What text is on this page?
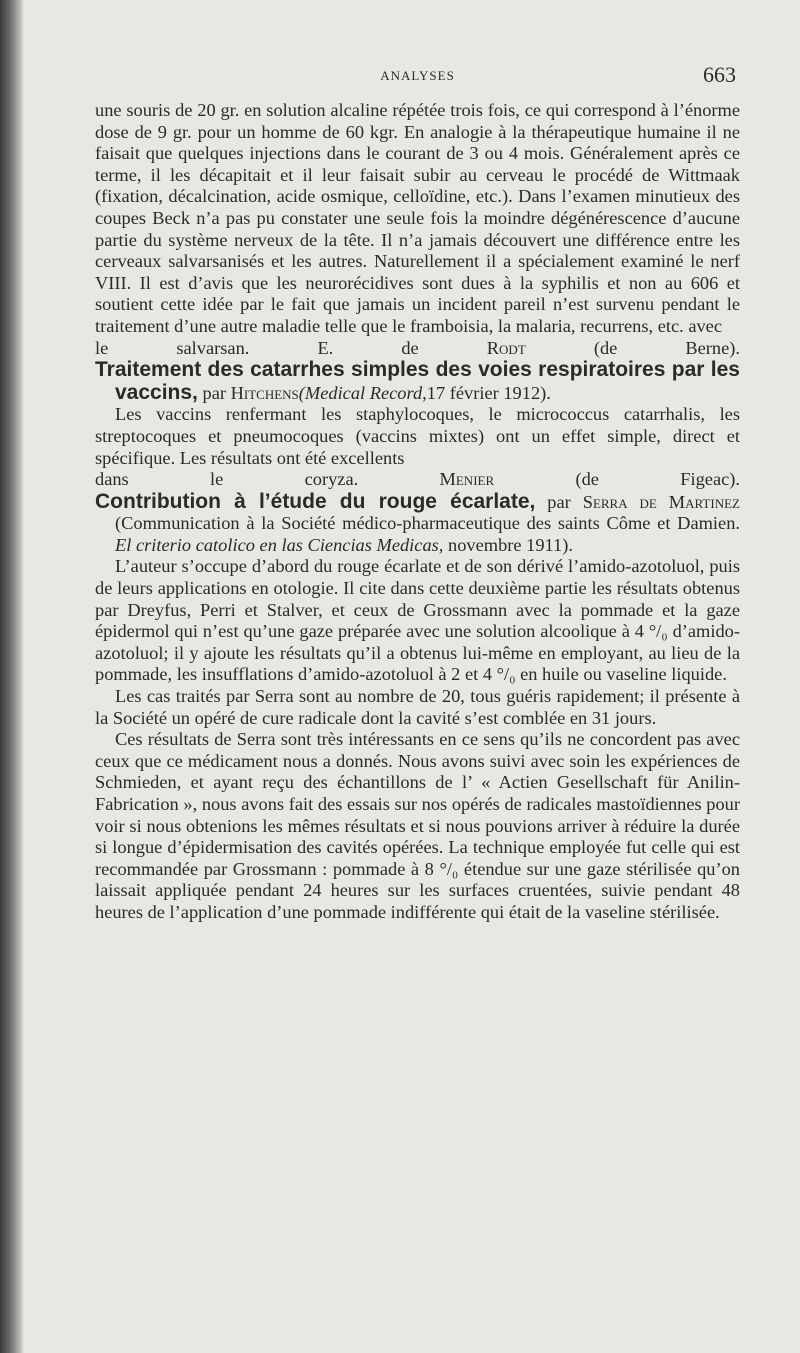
ANALYSES	663

une souris de 20 gr. en solution alcaline répétée trois fois, ce qui correspond à l’énorme dose de 9 gr. pour un homme de 60 kgr. En analogie à la thérapeutique humaine il ne faisait que quelques injections dans le courant de 3 ou 4 mois. Généralement après ce terme, il les décapitait et il leur faisait subir au cerveau le procédé de Wittmaak (fixation, décalcination, acide osmique, celloïdine, etc.). Dans l’examen minutieux des coupes Beck n’a pas pu constater une seule fois la moindre dégénérescence d’aucune partie du système nerveux de la tête. Il n’a jamais découvert une différence entre les cerveaux salvarsanisés et les autres. Naturellement il a spécialement examiné le nerf VIII. Il est d’avis que les neurorécidives sont dues à la syphilis et non au 606 et soutient cette idée par le fait que jamais un incident pareil n’est survenu pendant le traitement d’une autre maladie telle que le framboisia, la malaria, recurrens, etc. avec

le salvarsan.	E. de Rodt (de Berne).

Traitement des catarrhes simples des voies respiratoires par les vaccins, par Hitchens(Medical Record,17 février 1912).

Les vaccins renfermant les staphylocoques, le micrococcus catarrhalis, les streptocoques et pneumocoques (vaccins mixtes) ont un effet simple, direct et spécifique. Les résultats ont été excellents

dans le coryza.	Menier (de Figeac).

Contribution à l’étude du rouge écarlate, par Serra de Martinez (Communication à la Société médico-pharmaceutique des saints Côme et Damien. El criterio catolico en las Ciencias Medicas, novembre 1911).

L’auteur s’occupe d’abord du rouge écarlate et de son dérivé l’amido-azotoluol, puis de leurs applications en otologie. Il cite dans cette deuxième partie les résultats obtenus par Dreyfus, Perri et Stalver, et ceux de Grossmann avec la pommade et la gaze épidermol qui n’est qu’une gaze préparée avec une solution alcoolique à 4 °/₀ d’amido-azotoluol; il y ajoute les résultats qu’il a obtenus lui-même en employant, au lieu de la pommade, les insufflations d’amido-azotoluol à 2 et 4 °/₀ en huile ou vaseline liquide.

Les cas traités par Serra sont au nombre de 20, tous guéris rapidement; il présente à la Société un opéré de cure radicale dont la cavité s’est comblée en 31 jours.

Ces résultats de Serra sont très intéressants en ce sens qu’ils ne concordent pas avec ceux que ce médicament nous a donnés. Nous avons suivi avec soin les expériences de Schmieden, et ayant reçu des échantillons de l’ « Actien Gesellschaft für Anilin-Fabrication », nous avons fait des essais sur nos opérés de radicales mastoïdiennes pour voir si nous obtenions les mêmes résultats et si nous pouvions arriver à réduire la durée si longue d’épidermisation des cavités opérées. La technique employée fut celle qui est recommandée par Grossmann : pommade à 8 °/₀ étendue sur une gaze stérilisée qu’on laissait appliquée pendant 24 heures sur les surfaces cruentées, suivie pendant 48 heures de l’application d’une pommade indifférente qui était de la vaseline stérilisée.
